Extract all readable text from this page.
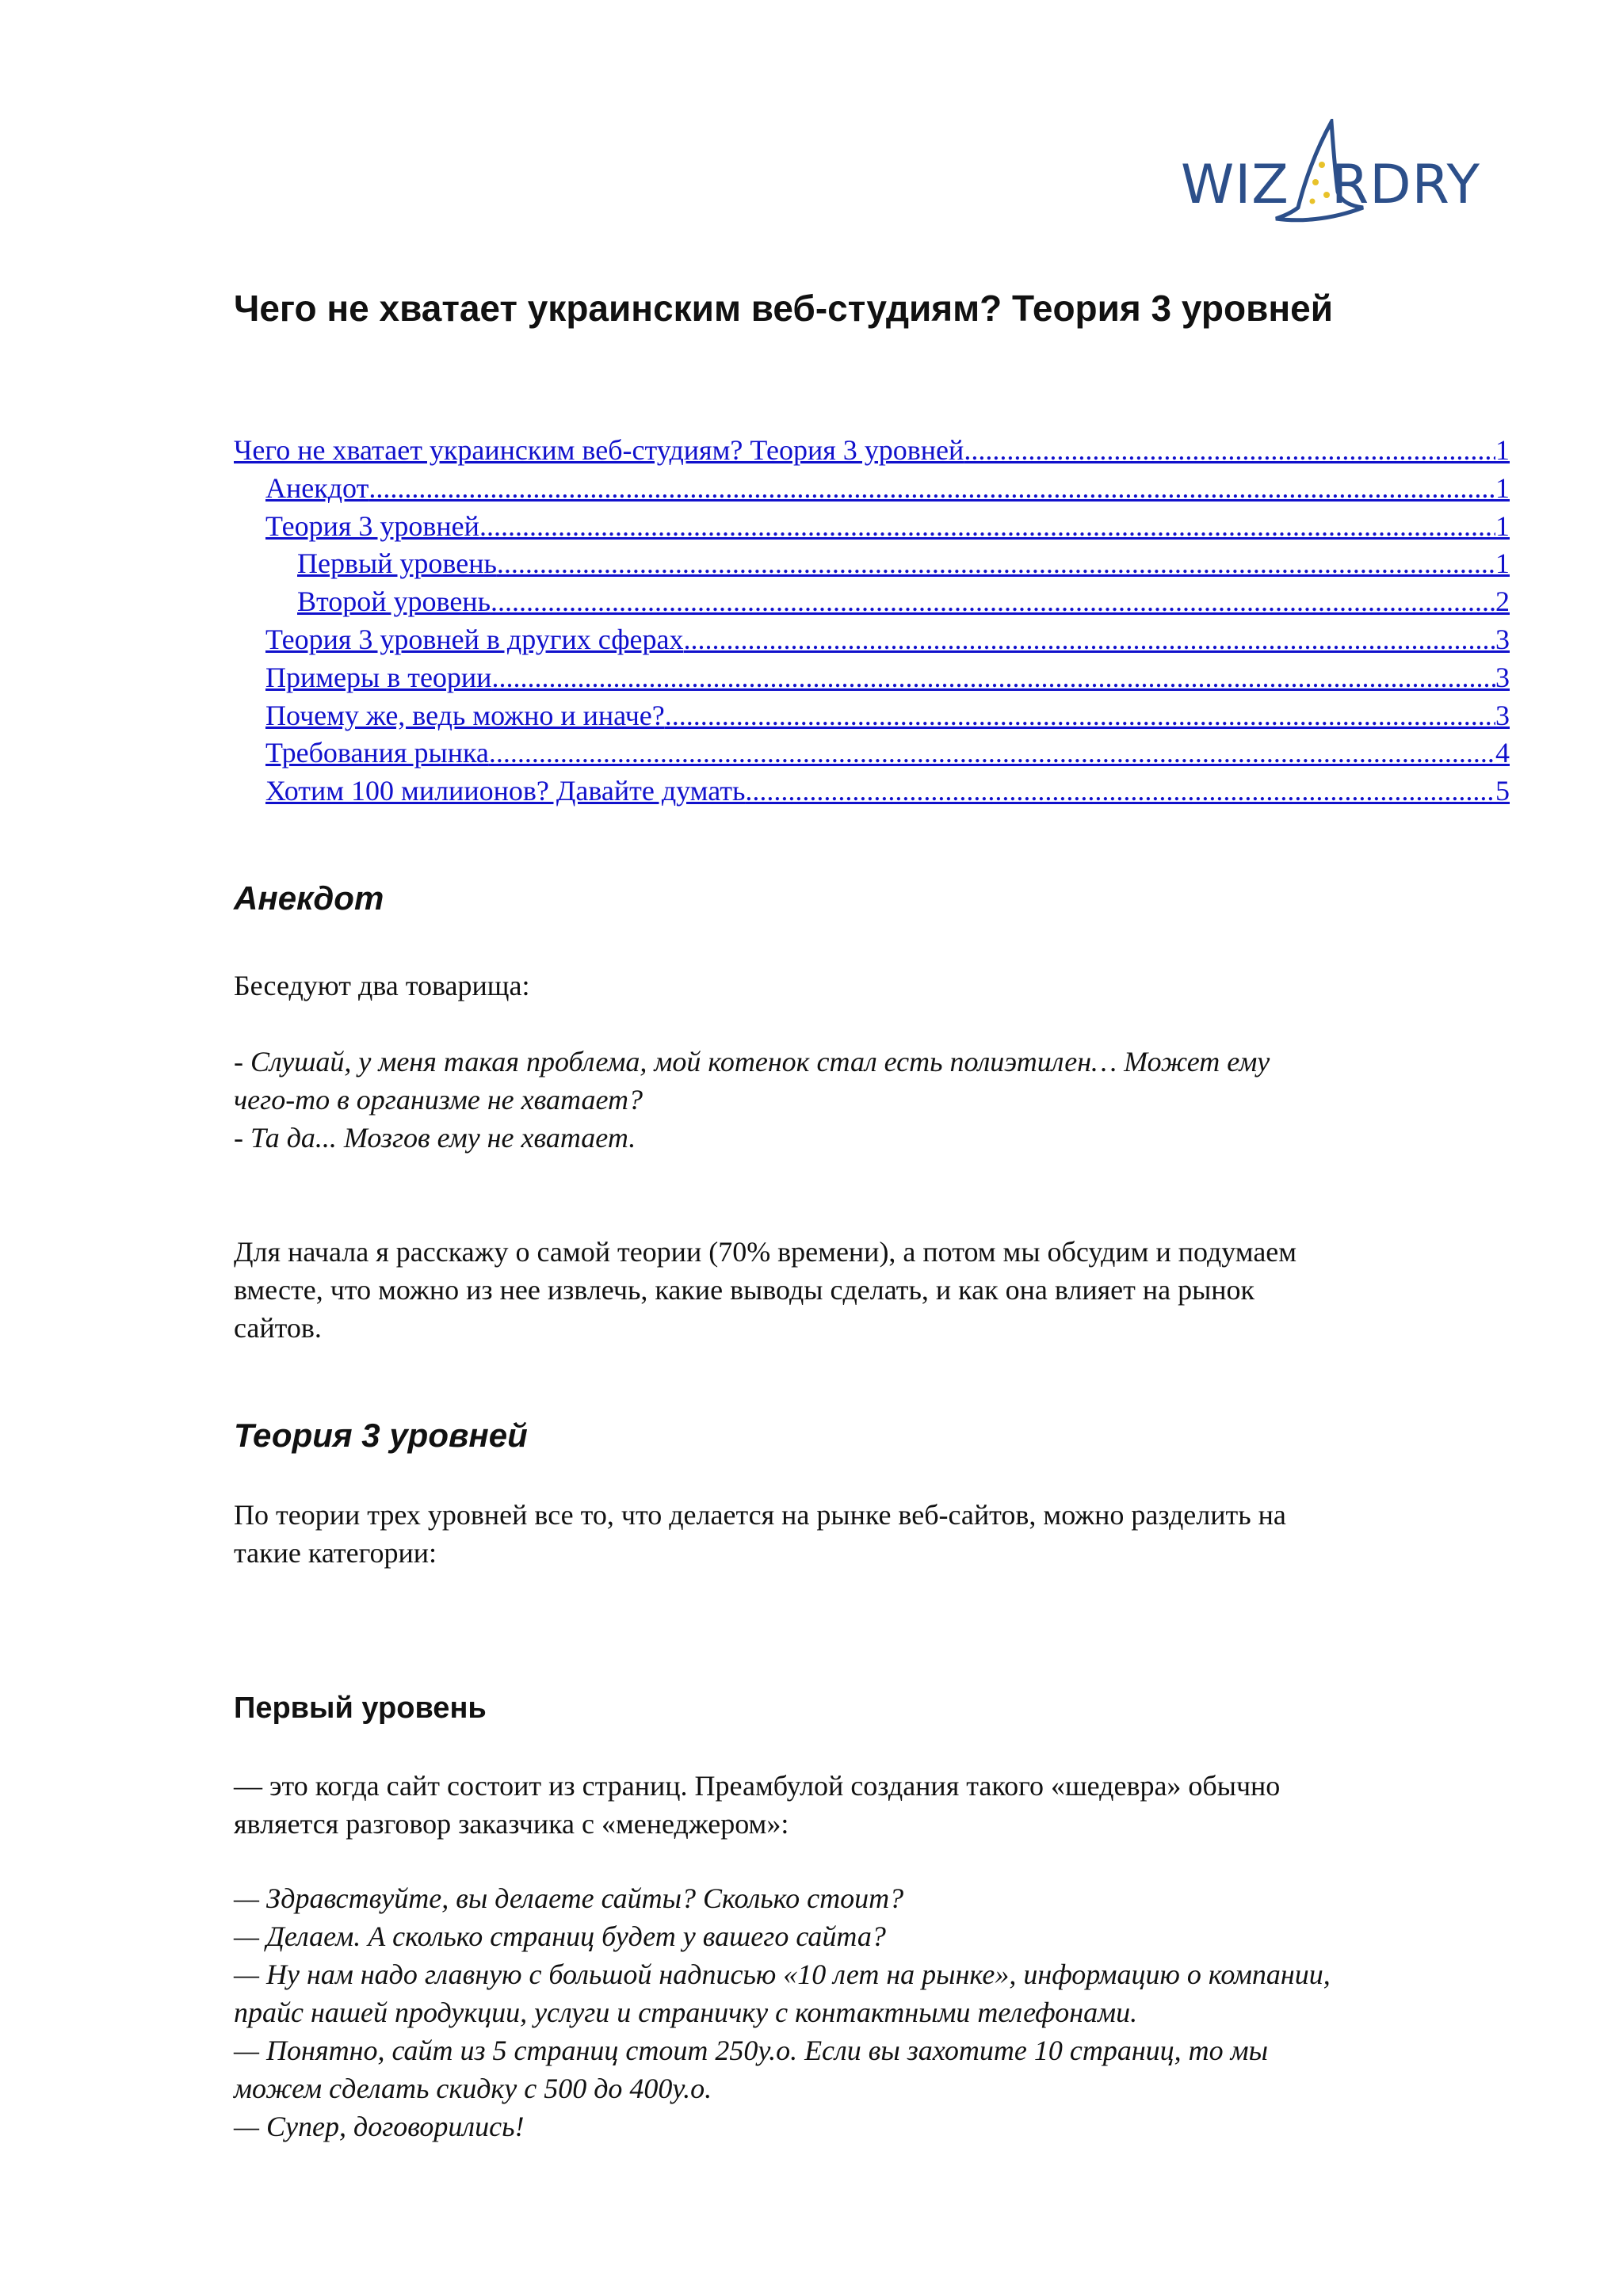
WIZ RDRY
Чего не хватает украинским веб-студиям? Теория 3 уровней
Чего не хватает украинским веб-студиям? Теория 3 уровней .....	1
Анекдот .....	1
Теория 3 уровней .....	1
Первый уровень .....	1
Второй уровень .....	2
Теория 3 уровней в других сферах .....	3
Примеры в теории .....	3
Почему же, ведь можно и иначе? .....	3
Требования рынка .....	4
Хотим 100 милиионов? Давайте думать .....	5
Анекдот

Беседуют два товарища:

- Слушай, у меня такая проблема, мой котенок стал есть полиэтилен… Может ему
чего-то в организме не хватает?
- Та да... Мозгов ему не хватает.

Для начала я расскажу о самой теории (70% времени), а потом мы обсудим и подумаем
вместе, что можно из нее извлечь, какие выводы сделать, и как она влияет на рынок
сайтов.

Теория 3 уровней

По теории трех уровней все то, что делается на рынке веб-сайтов, можно разделить на
такие категории:

Первый уровень

— это когда сайт состоит из страниц. Преамбулой создания такого «шедевра» обычно
является разговор заказчика с «менеджером»:

— Здравствуйте, вы делаете сайты? Сколько стоит?
— Делаем. А сколько страниц будет у вашего сайта?
— Ну нам надо главную с большой надписью «10 лет на рынке», информацию о компании,
прайс нашей продукции, услуги и страничку с контактными телефонами.
— Понятно, сайт из 5 страниц стоит 250у.о. Если вы захотите 10 страниц, то мы
можем сделать скидку с 500 до 400у.о.
— Супер, договорились!
